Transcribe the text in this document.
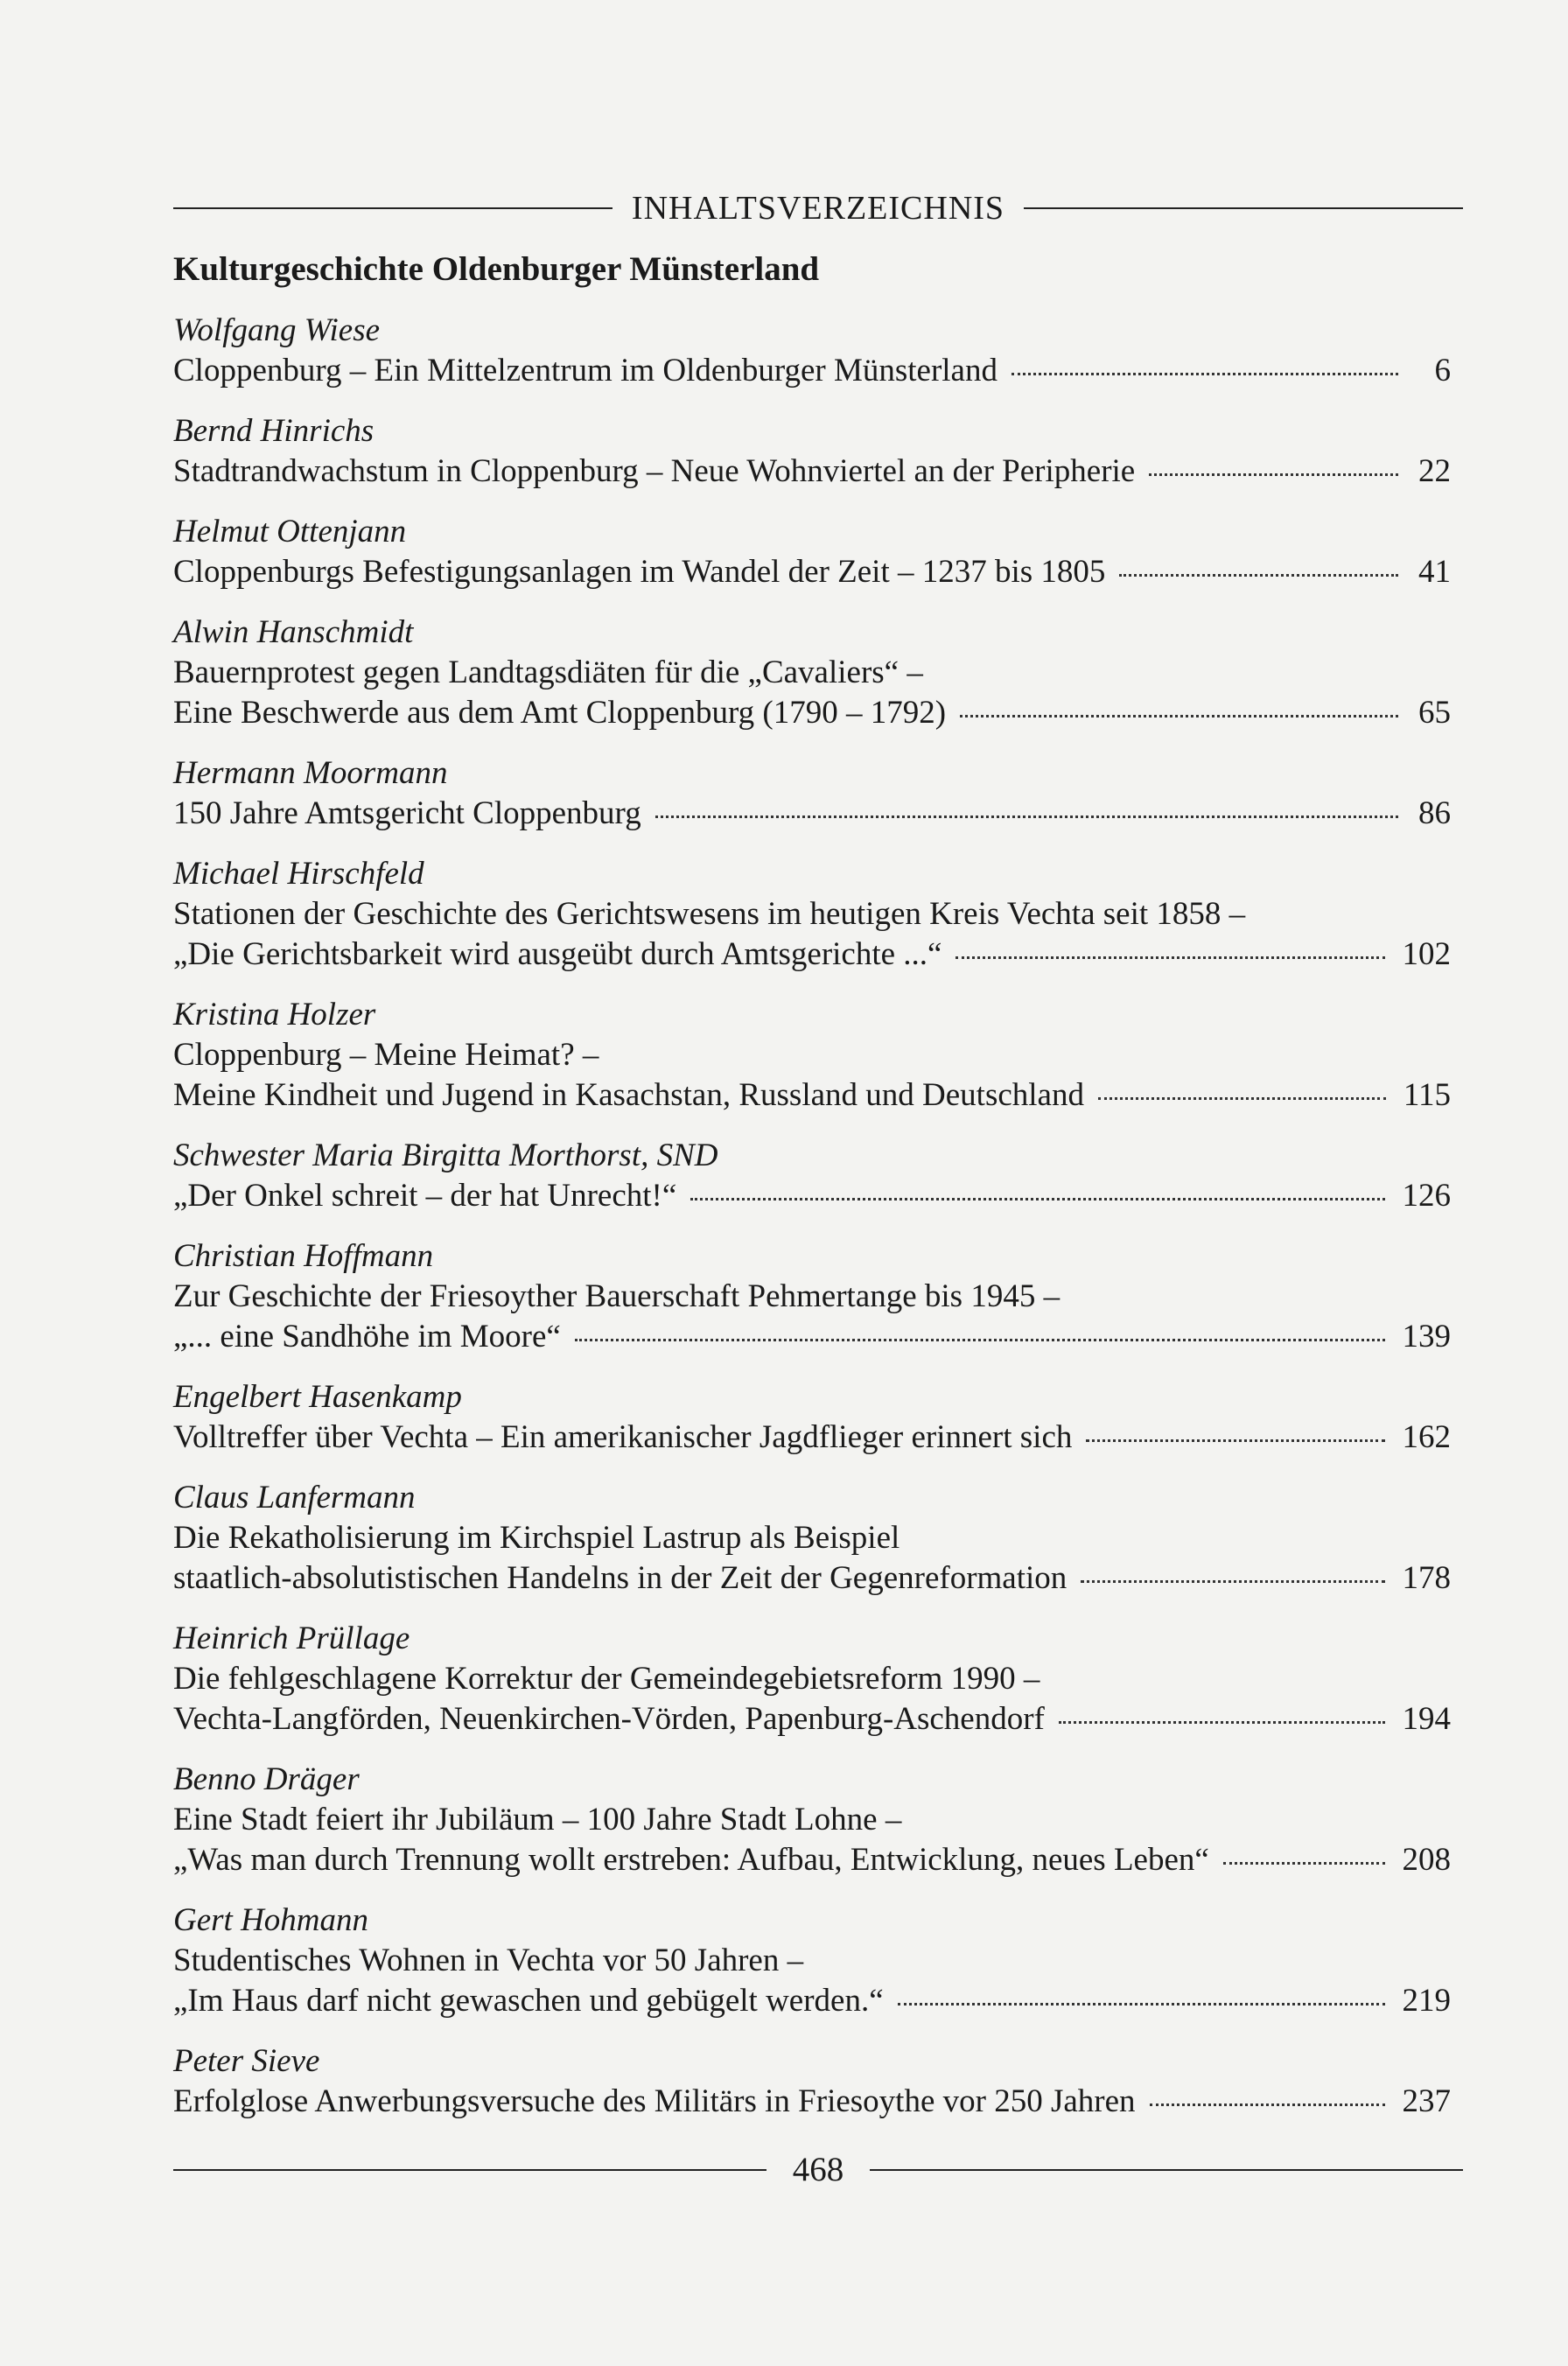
INHALTSVERZEICHNIS
Kulturgeschichte Oldenburger Münsterland
Wolfgang Wiese
Cloppenburg – Ein Mittelzentrum im Oldenburger Münsterland	6
Bernd Hinrichs
Stadtrandwachstum in Cloppenburg – Neue Wohnviertel an der Peripherie	22
Helmut Ottenjann
Cloppenburgs Befestigungsanlagen im Wandel der Zeit – 1237 bis 1805	41
Alwin Hanschmidt
Bauernprotest gegen Landtagsdiäten für die „Cavaliers“ –
Eine Beschwerde aus dem Amt Cloppenburg (1790 – 1792)	65
Hermann Moormann
150 Jahre Amtsgericht Cloppenburg	86
Michael Hirschfeld
Stationen der Geschichte des Gerichtswesens im heutigen Kreis Vechta seit 1858 –
„Die Gerichtsbarkeit wird ausgeübt durch Amtsgerichte ...“	102
Kristina Holzer
Cloppenburg – Meine Heimat? –
Meine Kindheit und Jugend in Kasachstan, Russland und Deutschland	115
Schwester Maria Birgitta Morthorst, SND
„Der Onkel schreit – der hat Unrecht!“	126
Christian Hoffmann
Zur Geschichte der Friesoyther Bauerschaft Pehmertange bis 1945 –
„... eine Sandhöhe im Moore“	139
Engelbert Hasenkamp
Volltreffer über Vechta – Ein amerikanischer Jagdflieger erinnert sich	162
Claus Lanfermann
Die Rekatholisierung im Kirchspiel Lastrup als Beispiel
staatlich-absolutistischen Handelns in der Zeit der Gegenreformation	178
Heinrich Prüllage
Die fehlgeschlagene Korrektur der Gemeindegebietsreform 1990 –
Vechta-Langförden, Neuenkirchen-Vörden, Papenburg-Aschendorf	194
Benno Dräger
Eine Stadt feiert ihr Jubiläum – 100 Jahre Stadt Lohne –
„Was man durch Trennung wollt erstreben: Aufbau, Entwicklung, neues Leben“	208
Gert Hohmann
Studentisches Wohnen in Vechta vor 50 Jahren –
„Im Haus darf nicht gewaschen und gebügelt werden.“	219
Peter Sieve
Erfolglose Anwerbungsversuche des Militärs in Friesoythe vor 250 Jahren	237
468
